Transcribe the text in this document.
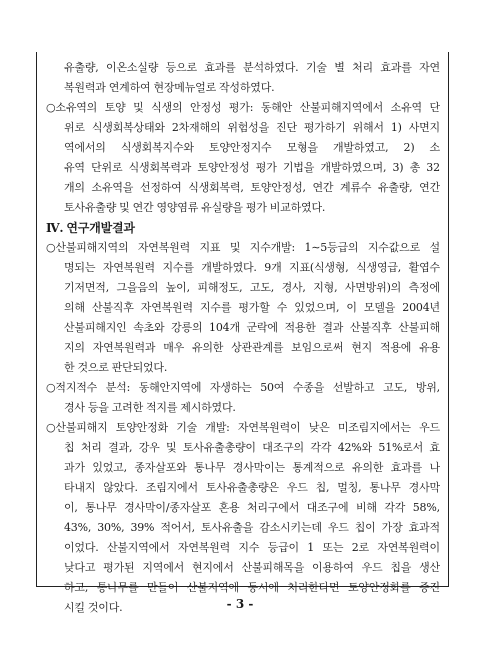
유출량, 이온소실량 등으로 효과를 분석하였다. 기술 별 처리 효과를 자연
복원력과 연계하여 현장메뉴얼로 작성하였다.
○ 소유역의 토양 및 식생의 안정성 평가: 동해안 산불피해지역에서 소유역 단
위로 식생회복상태와 2차재해의 위험성을 진단 평가하기 위해서 1) 사면지
역에서의 식생회복지수와 토양안정지수 모형을 개발하였고, 2) 소
유역 단위로 식생회복력과 토양안정성 평가 기법을 개발하였으며, 3) 총 32
개의 소유역을 선정하여 식생회복력, 토양안정성, 연간 계류수 유출량, 연간
토사유출량 및 연간 영양염류 유실량을 평가 비교하였다.
Ⅳ. 연구개발결과
○ 산불피해지역의 자연복원력 지표 및 지수개발: 1∼5등급의 지수값으로 설
명되는 자연복원력 지수를 개발하였다. 9개 지표(식생형, 식생영급, 활엽수
기저면적, 그을음의 높이, 피해정도, 고도, 경사, 지형, 사면방위)의 측정에
의해 산불직후 자연복원력 지수를 평가할 수 있었으며, 이 모델을 2004년
산불피해지인 속초와 강릉의 104개 군락에 적용한 결과 산불직후 산불피해
지의 자연복원력과 매우 유의한 상관관계를 보임으로써 현지 적용에 유용
한 것으로 판단되었다.
○ 적지적수 분석: 동해안지역에 자생하는 50여 수종을 선발하고 고도, 방위,
경사 등을 고려한 적지를 제시하였다.
○ 산불피해지 토양안정화 기술 개발: 자연복원력이 낮은 미조림지에서는 우드
칩 처리 결과, 강우 및 토사유출총량이 대조구의 각각 42%와 51%로서 효
과가 있었고, 종자살포와 통나무 경사막이는 통계적으로 유의한 효과를 나
타내지 않았다. 조림지에서 토사유출총량은 우드 칩, 멀칭, 통나무 경사막
이, 통나무 경사막이/종자살포 혼용 처리구에서 대조구에 비해 각각 58%,
43%, 30%, 39% 적어서, 토사유출을 감소시키는데 우드 칩이 가장 효과적
이었다. 산불지역에서 자연복원력 지수 등급이 1 또는 2로 자연복원력이
낮다고 평가된 지역에서 현지에서 산불피해목을 이용하여 우드 칩을 생산
하고, 통나무를 만들어 산불지역에 동시에 처리한다면 토양안정화를 증진
시킬 것이다.	- 3 -
